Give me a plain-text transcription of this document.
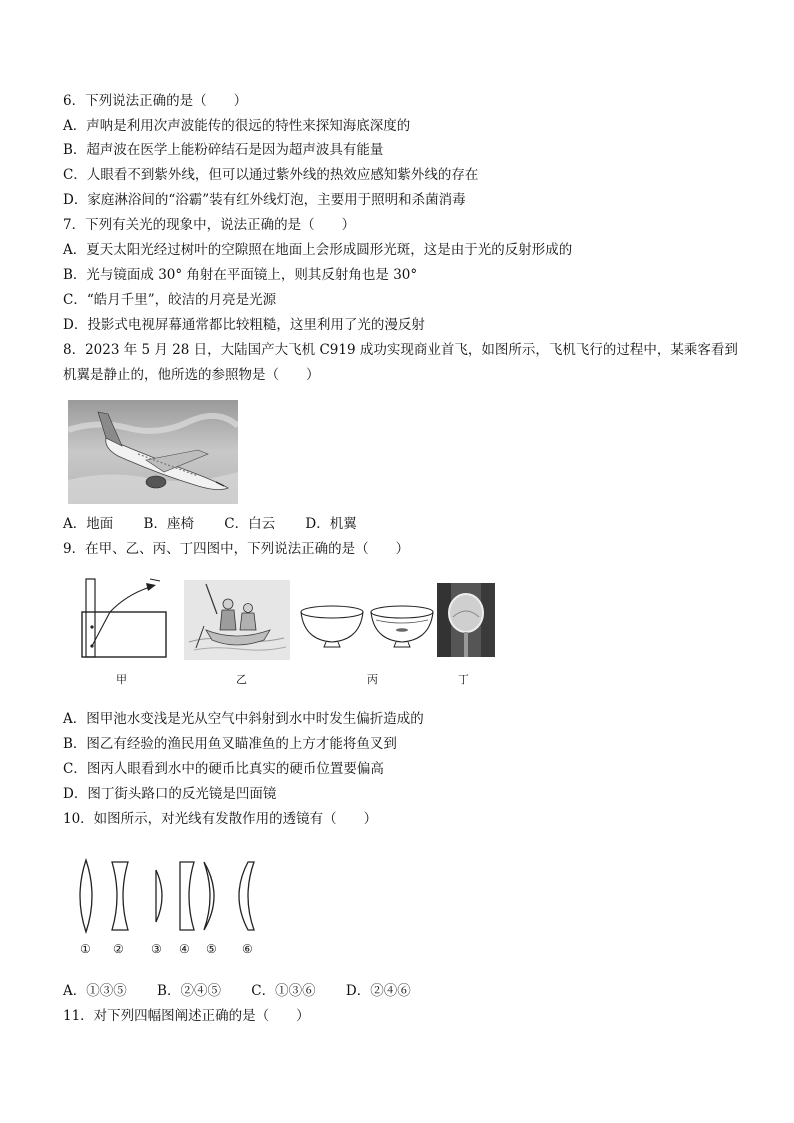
6．下列说法正确的是（　　）
A．声呐是利用次声波能传的很远的特性来探知海底深度的
B．超声波在医学上能粉碎结石是因为超声波具有能量
C．人眼看不到紫外线，但可以通过紫外线的热效应感知紫外线的存在
D．家庭淋浴间的“浴霸”装有红外线灯泡，主要用于照明和杀菌消毒
7．下列有关光的现象中，说法正确的是（　　）
A．夏天太阳光经过树叶的空隙照在地面上会形成圆形光斑，这是由于光的反射形成的
B．光与镜面成 30° 角射在平面镜上，则其反射角也是 30°
C．“皓月千里”，皎洁的月亮是光源
D．投影式电视屏幕通常都比较粗糙，这里利用了光的漫反射
8．2023 年 5 月 28 日，大陆国产大飞机 C919 成功实现商业首飞，如图所示，飞机飞行的过程中，某乘客看到
机翼是静止的，他所选的参照物是（　　）
A．地面 B．座椅 C．白云 D．机翼
9．在甲、乙、丙、丁四图中，下列说法正确的是（　　）
甲	乙	丙	丁
A．图甲池水变浅是光从空气中斜射到水中时发生偏折造成的
B．图乙有经验的渔民用鱼叉瞄准鱼的上方才能将鱼叉到
C．图丙人眼看到水中的硬币比真实的硬币位置要偏高
D．图丁街头路口的反光镜是凹面镜
10．如图所示，对光线有发散作用的透镜有（　　）
① ② ③ ④ ⑤ ⑥
A．①③⑤ B．②④⑤ C．①③⑥ D．②④⑥
11．对下列四幅图阐述正确的是（　　）
